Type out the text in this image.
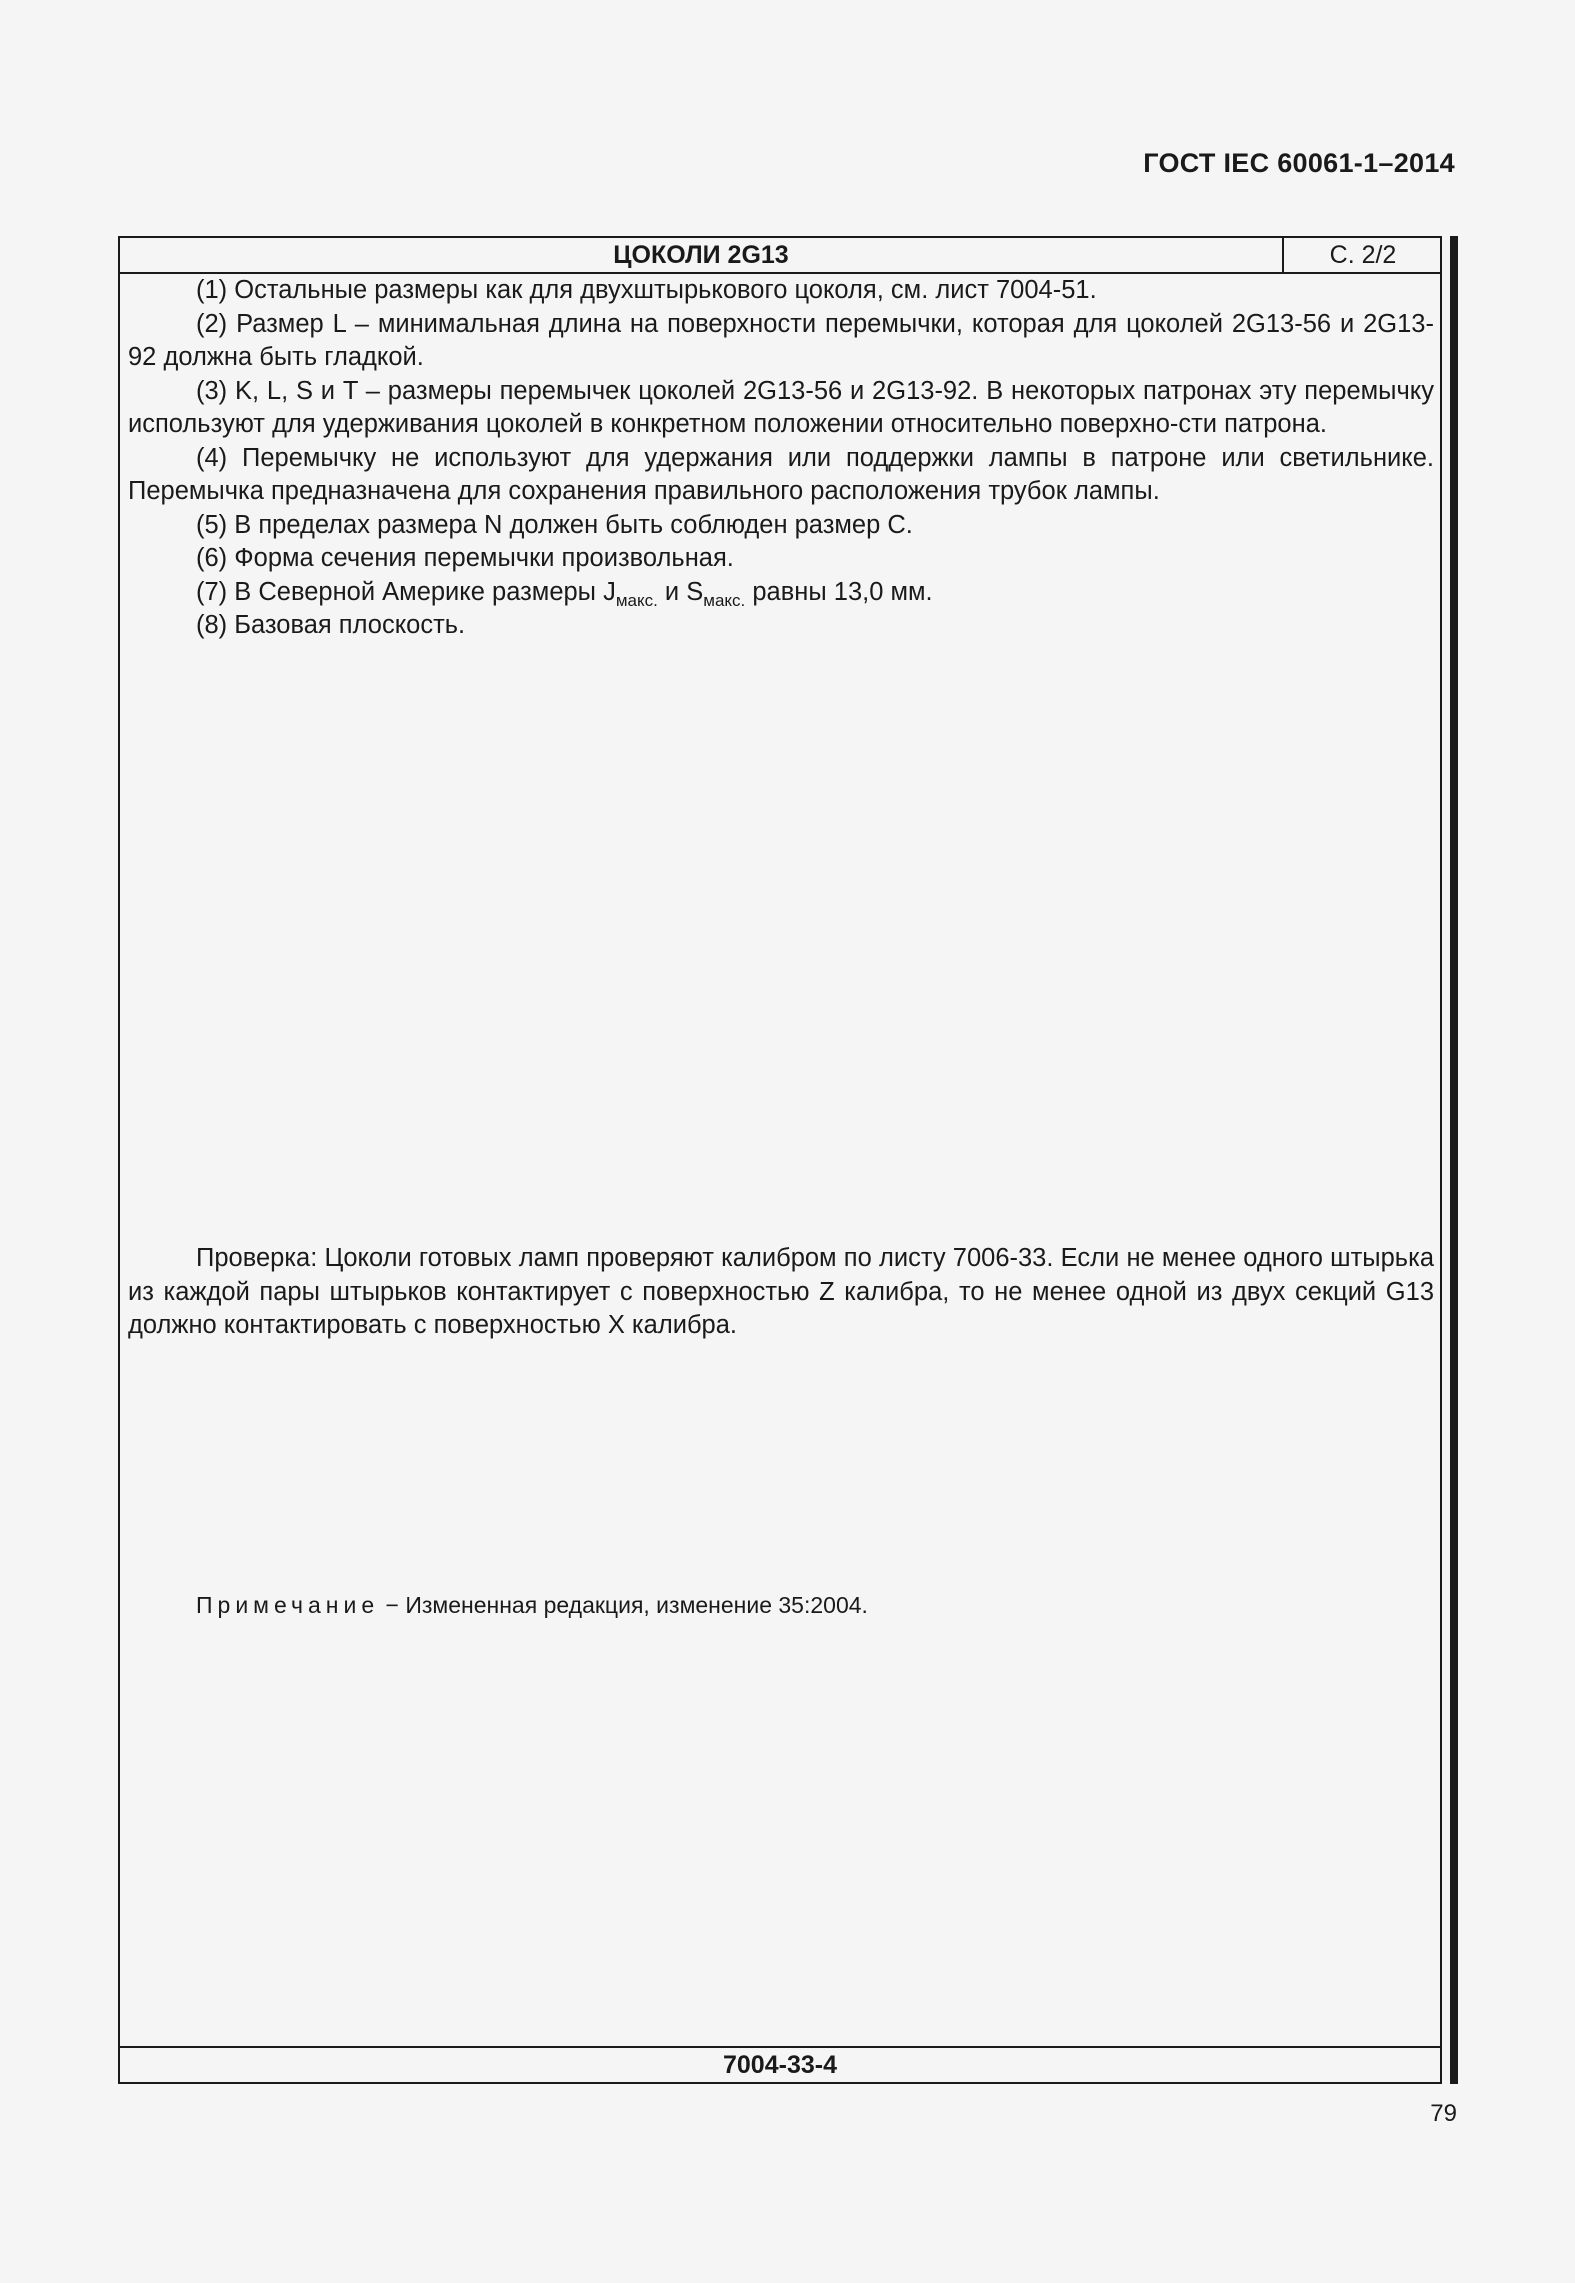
ГОСТ IEC 60061-1–2014
ЦОКОЛИ 2G13	С. 2/2

(1) Остальные размеры как для двухштырькового цоколя, см. лист 7004-51.

(2) Размер L – минимальная длина на поверхности перемычки, которая для цоколей 2G13-56 и 2G13-92 должна быть гладкой.

(3) K, L, S и T – размеры перемычек цоколей 2G13-56 и 2G13-92. В некоторых патронах эту перемычку используют для удерживания цоколей в конкретном положении относительно поверхно-сти патрона.

(4) Перемычку не используют для удержания или поддержки лампы в патроне или светильнике. Перемычка предназначена для сохранения правильного расположения трубок лампы.

(5) В пределах размера N должен быть соблюден размер С.

(6) Форма сечения перемычки произвольная.

(7) В Северной Америке размеры $J_{макс.}$ и $S_{макс.}$ равны 13,0 мм.

(8) Базовая плоскость.

Проверка: Цоколи готовых ламп проверяют калибром по листу 7006-33. Если не менее одного штырька из каждой пары штырьков контактирует с поверхностью Z калибра, то не менее одной из двух секций G13 должно контактировать с поверхностью X калибра.

Примечание − Измененная редакция, изменение 35:2004.
7004-33-4
79
